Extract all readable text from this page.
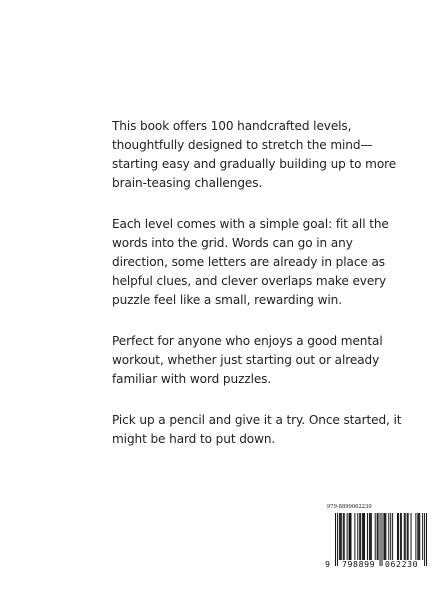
This book offers 100 handcrafted levels, thoughtfully designed to stretch the mind—starting easy and gradually building up to more brain-teasing challenges.

Each level comes with a simple goal: fit all the words into the grid. Words can go in any direction, some letters are already in place as helpful clues, and clever overlaps make every puzzle feel like a small, rewarding win.

Perfect for anyone who enjoys a good mental workout, whether just starting out or already familiar with word puzzles.

Pick up a pencil and give it a try. Once started, it might be hard to put down.

979-8899062230
9 798899 062230
